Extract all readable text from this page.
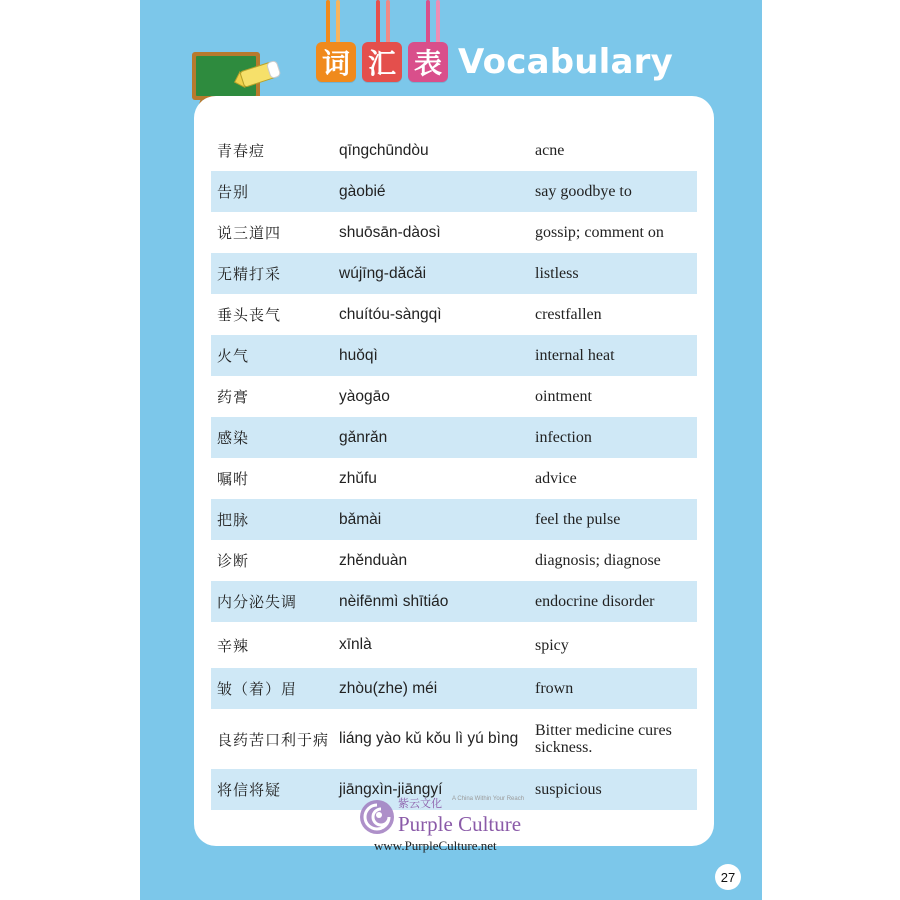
词 汇 表 Vocabulary
青春痘	qīngchūndòu	acne
告别	gàobié	say goodbye to
说三道四	shuōsān-dàosì	gossip; comment on
无精打采	wújīng-dǎcǎi	listless
垂头丧气	chuítóu-sàngqì	crestfallen
火气	huǒqì	internal heat
药膏	yàogāo	ointment
感染	gǎnrǎn	infection
嘱咐	zhǔfu	advice
把脉	bǎmài	feel the pulse
诊断	zhěnduàn	diagnosis; diagnose
内分泌失调	nèifēnmì shītiáo	endocrine disorder
辛辣	xīnlà	spicy
皱（着）眉	zhòu(zhe) méi	frown
良药苦口利于病	liáng yào kǔ kǒu lì yú bìng	Bitter medicine cures sickness.
将信将疑	jiāngxìn-jiāngyí	suspicious
紫云文化 A China Within Your Reach
Purple Culture
www.PurpleCulture.net
27
